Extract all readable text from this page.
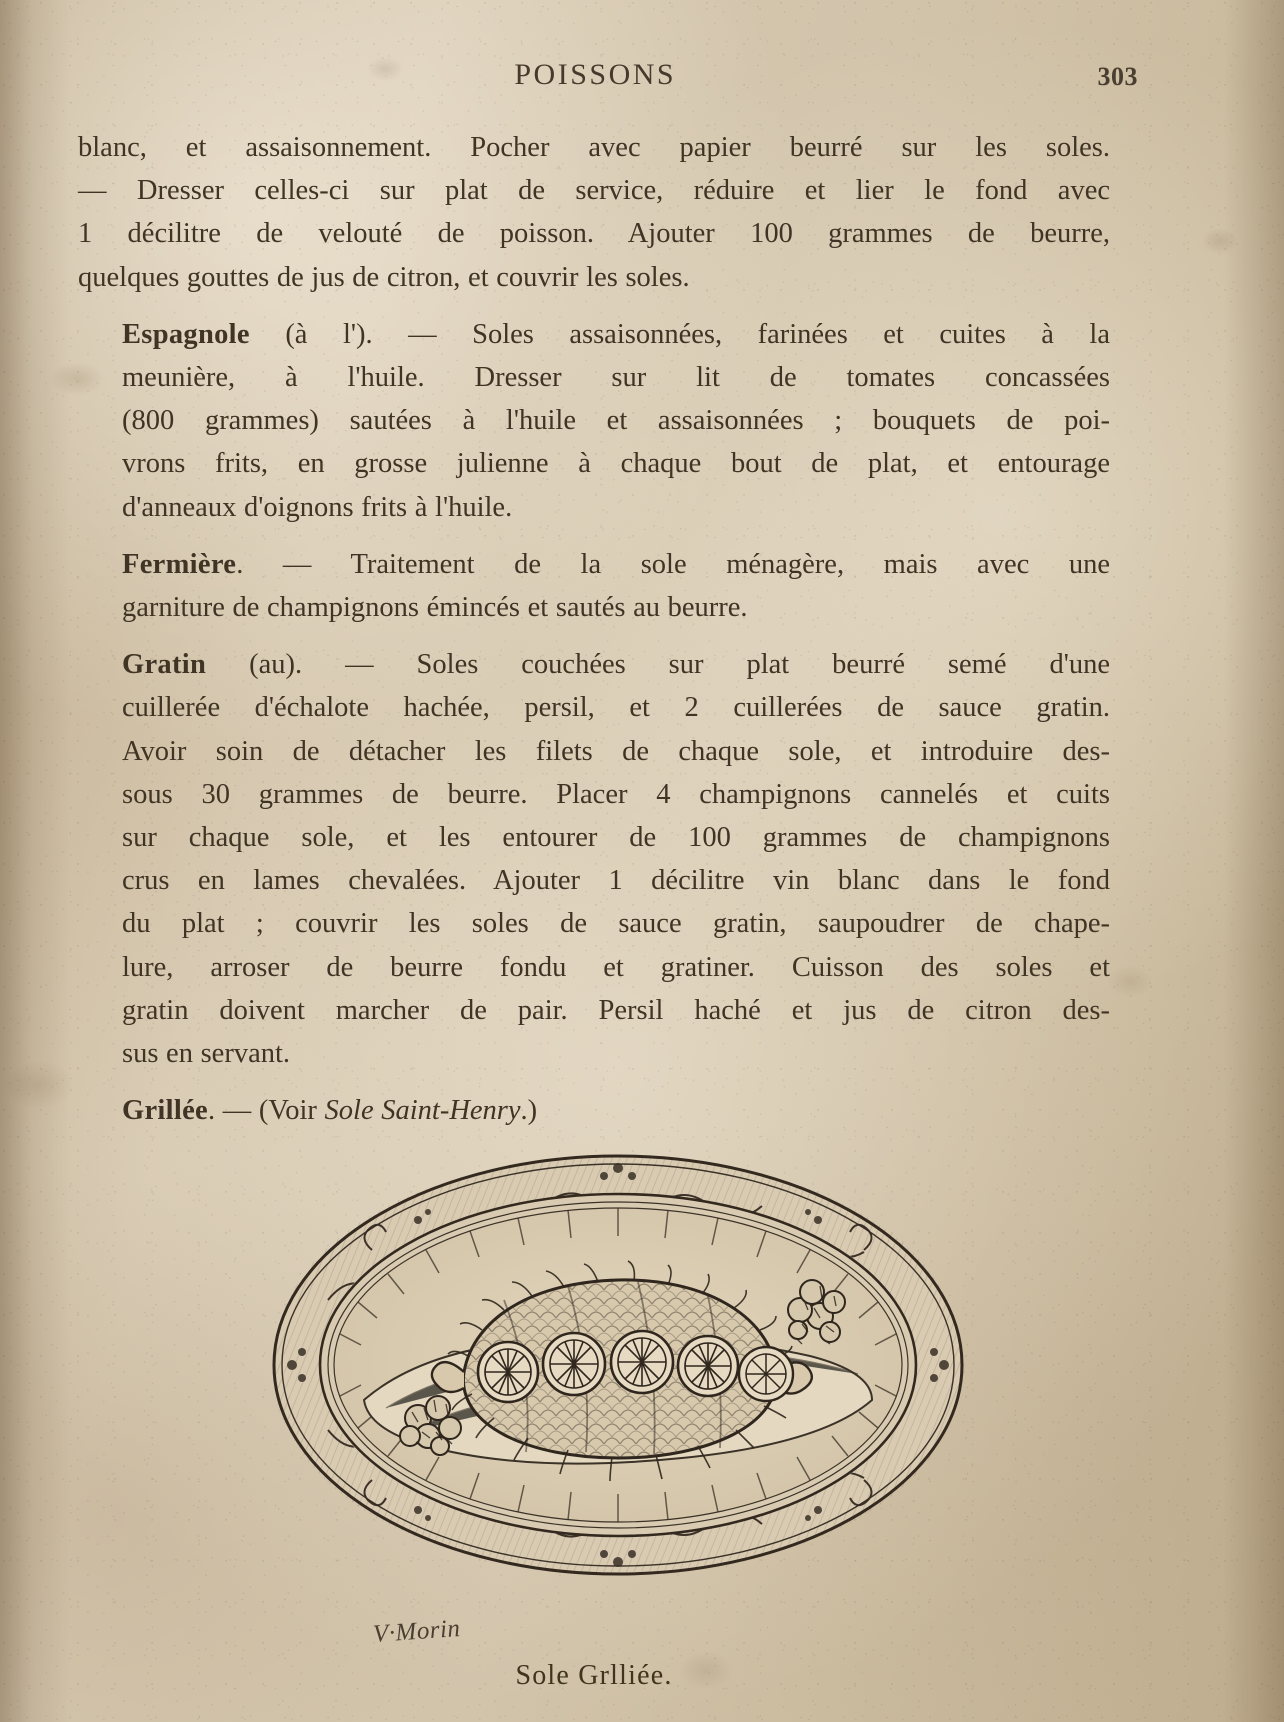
POISSONS	303

blanc, et assaisonnement. Pocher avec papier beurré sur les soles.
— Dresser celles-ci sur plat de service, réduire et lier le fond avec
1 décilitre de velouté de poisson. Ajouter 100 grammes de beurre,
quelques gouttes de jus de citron, et couvrir les soles.

Espagnole (à l'). — Soles assaisonnées, farinées et cuites à la
meunière, à l'huile. Dresser sur lit de tomates concassées
(800 grammes) sautées à l'huile et assaisonnées ; bouquets de poi-
vrons frits, en grosse julienne à chaque bout de plat, et entourage
d'anneaux d'oignons frits à l'huile.

Fermière. — Traitement de la sole ménagère, mais avec une
garniture de champignons émincés et sautés au beurre.

Gratin (au). — Soles couchées sur plat beurré semé d'une
cuillerée d'échalote hachée, persil, et 2 cuillerées de sauce gratin.
Avoir soin de détacher les filets de chaque sole, et introduire des-
sous 30 grammes de beurre. Placer 4 champignons cannelés et cuits
sur chaque sole, et les entourer de 100 grammes de champignons
crus en lames chevalées. Ajouter 1 décilitre vin blanc dans le fond
du plat ; couvrir les soles de sauce gratin, saupoudrer de chape-
lure, arroser de beurre fondu et gratiner. Cuisson des soles et
gratin doivent marcher de pair. Persil haché et jus de citron des-
sus en servant.

Grillée. — (Voir Sole Saint-Henry.)

V·Morin
Sole Grlliée.
